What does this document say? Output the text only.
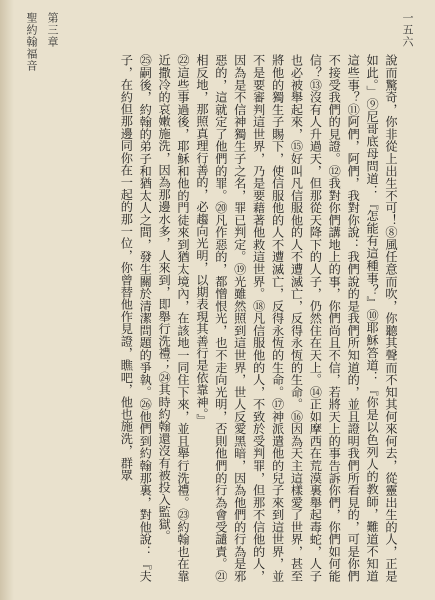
一五六
第三章
聖約翰福音

說而驚奇，你非從上出生不可！⑧風任意而吹，你聽其聲而不知其何來何去，從靈出生的人，正是如此。」⑨尼哥底母問道：『怎能有這種事？』⑩耶穌答道：『你是以色列人的教師，難道不知道這些事？⑪阿們，阿們，我對你說：我們說的是我們所知道的，並且證明我們所看見的，可是你們不接受我們的見證。⑫我對你們講地上的事，你們尚且不信，若將天上的事告訴你們，你們如何能信？⑬沒有人升過天，但那從天降下的人子，仍然住在天上。⑭正如摩西在荒漠裏舉起毒蛇，人子也必被舉起來，⑮好叫凡信服他的人不遭滅亡，反得永恆的生命。⑯因為天主這樣愛了世界，甚至將他的獨生子賜下，使信服他的人不遭滅亡，反得永恆的生命。⑰神派遣他的兒子來到這世界，並不是要審判這世界，乃是要藉著他救這世界。⑱凡信服他的人，不致於受判罪，但那不信他的人，因為是不信神獨生子之名，罪已判定。⑲光雖然照到這世界，世人反愛黑暗，因為他們的行為是邪惡的，這就定了他們的罪。⑳凡作惡的，都憎恨光，也不走向光明，否則他們的行為會受譴責。㉑相反地，那照真理行善的，必趨向光明，以期表現其善行是依靠神。』

㉒這些事過後，耶穌和他的門徒來到猶太境內，在該地一同住下來，並且舉行洗禮。㉓約翰也在靠近撒冷的哀嫩施洗，因為那邊水多，人來到，即舉行洗禮；㉔其時約翰還沒有被投入監獄。

㉕嗣後，約翰的弟子和猶太人之間，發生關於清潔問題的爭執。㉖他們到約翰那裏，對他說：『夫子，在約但那邊同你在一起的那一位，你曾替他作見證，瞧吧，他也施洗，群眾
